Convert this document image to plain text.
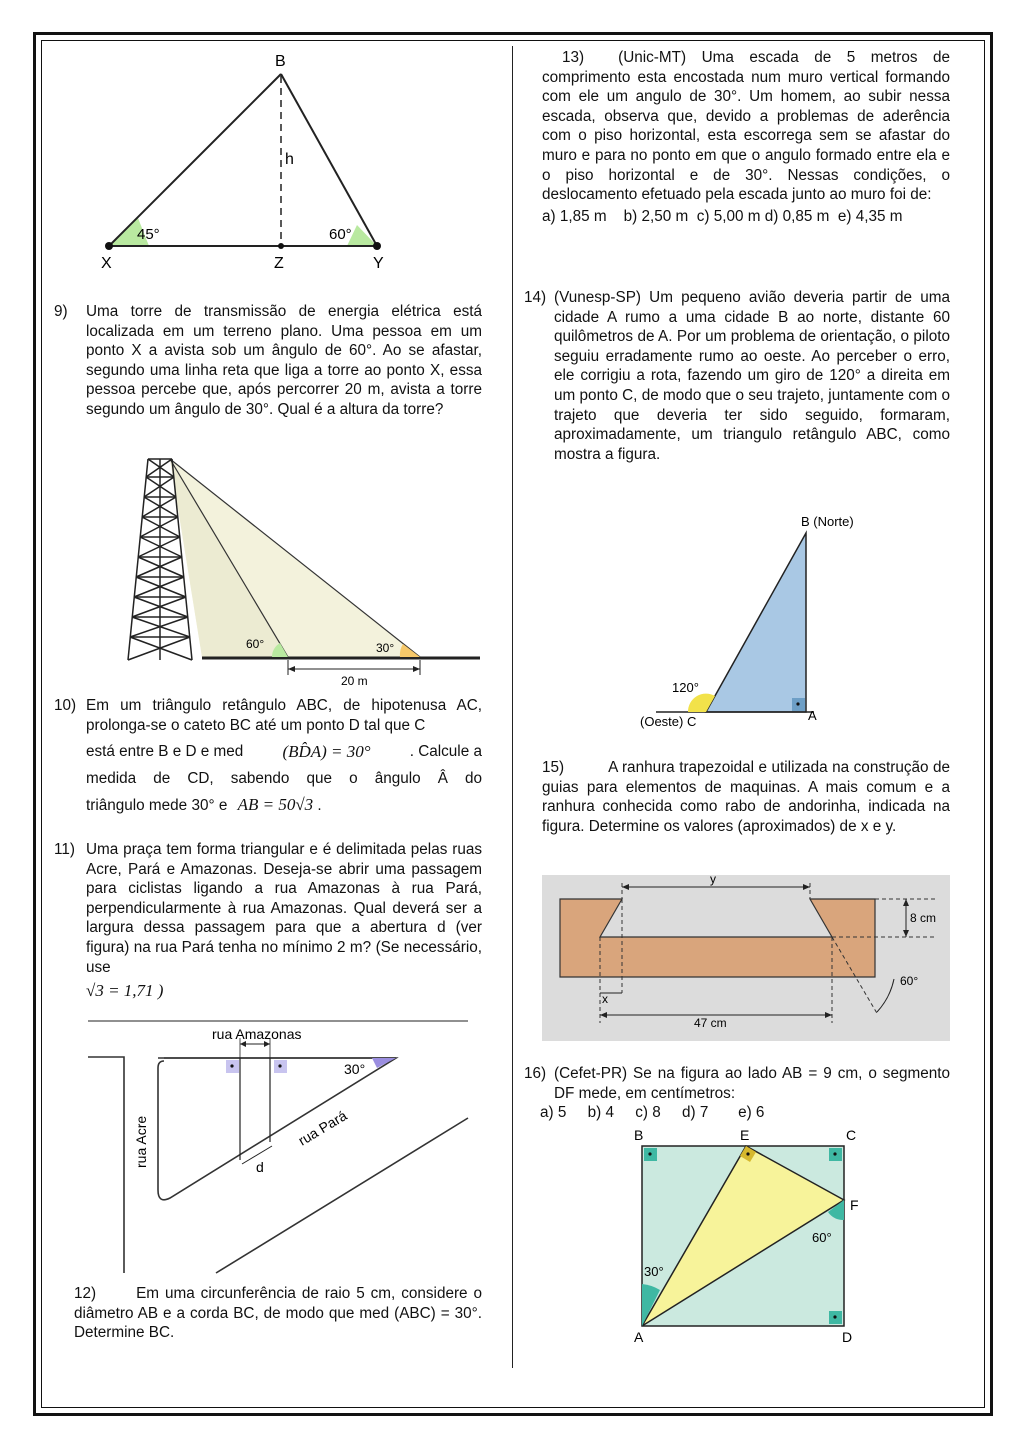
B
h
45°	60°
X	Z	Y
9) Uma torre de transmissão de energia elétrica está localizada em um terreno plano. Uma pessoa em um ponto X a avista sob um ângulo de 60°. Ao se afastar, segundo uma linha reta que liga a torre ao ponto X, essa pessoa percebe que, após percorrer 20 m, avista a torre segundo um ângulo de 30°. Qual é a altura da torre?
60°	30°
20 m
10) Em um triângulo retângulo ABC, de hipotenusa AC, prolonga-se o cateto BC até um ponto D tal que C
está entre B e D e med (BD̂A) = 30°	. Calcule a
medida de CD, sabendo que o ângulo Â do
triângulo mede 30° e AB = 50√3 .
11) Uma praça tem forma triangular e é delimitada pelas ruas Acre, Pará e Amazonas. Deseja-se abrir uma passagem para ciclistas ligando a rua Amazonas à rua Pará, perpendicularmente à rua Amazonas. Qual deverá ser a largura dessa passagem para que a abertura d (ver figura) na rua Pará tenha no mínimo 2 m? (Se necessário, use
√3 = 1,71 )
rua Amazonas
30°
d
rua Pará
rua Acre
12)	Em uma circunferência de raio 5 cm, considere o diâmetro AB e a corda BC, de modo que med (ABC) = 30°. Determine BC.
13) (Unic-MT) Uma escada de 5 metros de comprimento esta encostada num muro vertical formando com ele um angulo de 30°. Um homem, ao subir nessa escada, observa que, devido a problemas de aderência com o piso horizontal, esta escorrega sem se afastar do muro e para no ponto em que o angulo formado entre ela e o piso horizontal e de 30°. Nessas condições, o deslocamento efetuado pela escada junto ao muro foi de:
a) 1,85 m    b) 2,50 m  c) 5,00 m d) 0,85 m  e) 4,35 m
14) (Vunesp-SP) Um pequeno avião deveria partir de uma cidade A rumo a uma cidade B ao norte, distante 60 quilômetros de A. Por um problema de orientação, o piloto seguiu erradamente rumo ao oeste. Ao perceber o erro, ele corrigiu a rota, fazendo um giro de 120° a direita em um ponto C, de modo que o seu trajeto, juntamente com o trajeto que deveria ter sido seguido, formaram, aproximadamente, um triangulo retângulo ABC, como mostra a figura.
B (Norte)
120°
(Oeste) C	A
15)	A ranhura trapezoidal e utilizada na construção de guias para elementos de maquinas. A mais comum e a ranhura conhecida como rabo de andorinha, indicada na figura. Determine os valores (aproximados) de x e y.
y
8 cm
60°
x
47 cm
16) (Cefet-PR) Se na figura ao lado AB = 9 cm, o segmento DF mede, em centímetros:
a) 5     b) 4     c) 8     d) 7       e) 6
B	E	C
F
A	D
30°
60°
